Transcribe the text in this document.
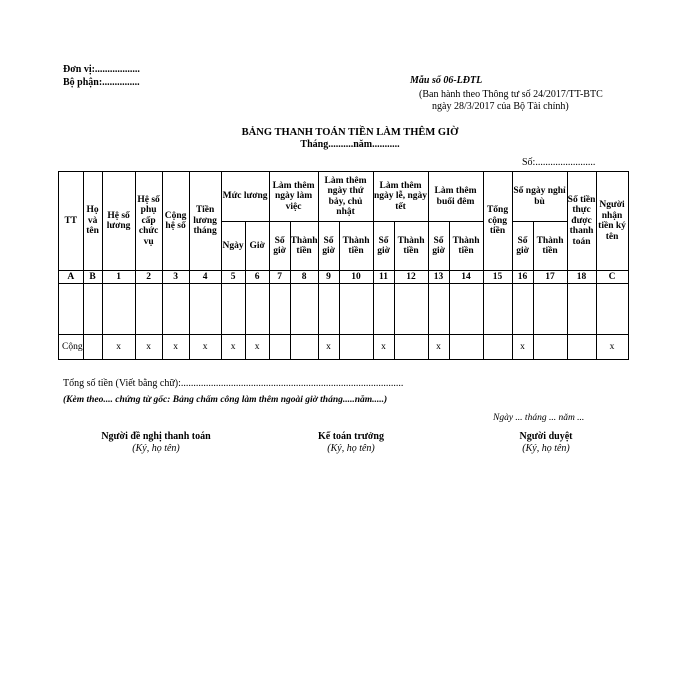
Đơn vị:..................
Bộ phận:...............	Mẫu số 06-LĐTL
(Ban hành theo Thông tư số 24/2017/TT-BTC
ngày 28/3/2017 của Bộ Tài chính)
BẢNG THANH TOÁN TIỀN LÀM THÊM GIỜ
Tháng..........năm...........
Số:........................
TT	Họ và tên	Hệ số lương	Hệ số phụ cấp chức vụ	Cộng hệ số	Tiền lương tháng	Mức lương		Làm thêm ngày làm việc		Làm thêm ngày thứ bảy, chủ nhật		Làm thêm ngày lễ, ngày tết		Làm thêm buổi đêm		Tổng cộng tiền	Số ngày nghỉ bù		Số tiền thực được thanh toán	Người nhận tiền ký tên
						Ngày	Giờ	Số giờ	Thành tiền	Số giờ	Thành tiền	Số giờ	Thành tiền	Số giờ	Thành tiền		Số giờ	Thành tiền		
A	B	1	2	3	4	5	6	7	8	9	10	11	12	13	14	15	16	17	18	C

Cộng		x	x	x	x	x	x			x		x		x			x			x
Tổng số tiền (Viết bằng chữ):.........................................................................................
(Kèm theo.... chứng từ gốc: Bảng chấm công làm thêm ngoài giờ tháng.....năm.....)
Ngày ... tháng ... năm ...
Người đề nghị thanh toán
(Ký, họ tên)
Kế toán trưởng
(Ký, họ tên)
Người duyệt
(Ký, họ tên)
